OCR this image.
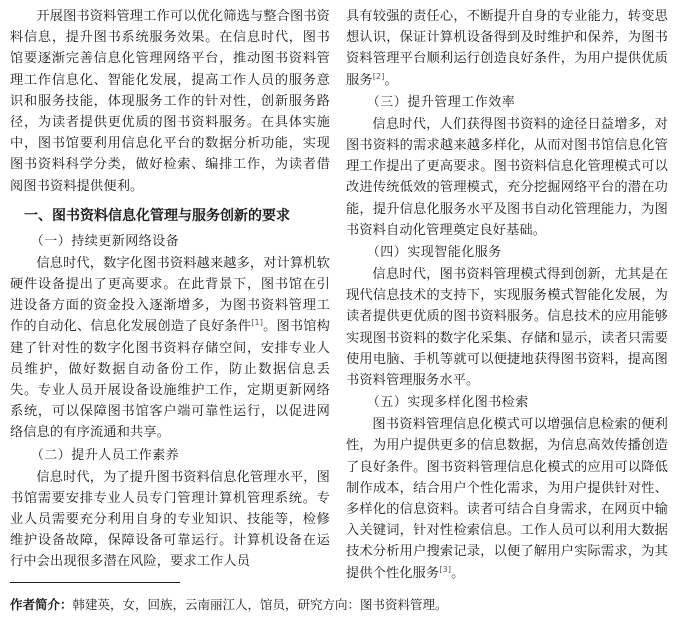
开展图书资料管理工作可以优化筛选与整合图书资料信息，提升图书系统服务效果。在信息时代，图书馆要逐渐完善信息化管理网络平台，推动图书资料管理工作信息化、智能化发展，提高工作人员的服务意识和服务技能，体现服务工作的针对性，创新服务路径，为读者提供更优质的图书资料服务。在具体实施中，图书馆要利用信息化平台的数据分析功能，实现图书资料科学分类，做好检索、编排工作，为读者借阅图书资料提供便利。

一、图书资料信息化管理与服务创新的要求
（一）持续更新网络设备

信息时代，数字化图书资料越来越多，对计算机软硬件设备提出了更高要求。在此背景下，图书馆在引进设备方面的资金投入逐渐增多，为图书资料管理工作的自动化、信息化发展创造了良好条件[1]。图书馆构建了针对性的数字化图书资料存储空间，安排专业人员维护，做好数据自动备份工作，防止数据信息丢失。专业人员开展设备设施维护工作，定期更新网络系统，可以保障图书馆客户端可靠性运行，以促进网络信息的有序流通和共享。

（二）提升人员工作素养

信息时代，为了提升图书资料信息化管理水平，图书馆需要安排专业人员专门管理计算机管理系统。专业人员需要充分利用自身的专业知识、技能等，检修维护设备故障，保障设备可靠运行。计算机设备在运行中会出现很多潜在风险，要求工作人员

具有较强的责任心，不断提升自身的专业能力，转变思想认识，保证计算机设备得到及时维护和保养，为图书资料管理平台顺利运行创造良好条件，为用户提供优质服务[2]。

（三）提升管理工作效率

信息时代，人们获得图书资料的途径日益增多，对图书资料的需求越来越多样化，从而对图书馆信息化管理工作提出了更高要求。图书资料信息化管理模式可以改进传统低效的管理模式，充分挖掘网络平台的潜在功能，提升信息化服务水平及图书自动化管理能力，为图书资料自动化管理奠定良好基础。

（四）实现智能化服务

信息时代，图书资料管理模式得到创新，尤其是在现代信息技术的支持下，实现服务模式智能化发展，为读者提供更优质的图书资料服务。信息技术的应用能够实现图书资料的数字化采集、存储和显示，读者只需要使用电脑、手机等就可以便捷地获得图书资料，提高图书资料管理服务水平。

（五）实现多样化图书检索

图书资料管理信息化模式可以增强信息检索的便利性，为用户提供更多的信息数据，为信息高效传播创造了良好条件。图书资料管理信息化模式的应用可以降低制作成本，结合用户个性化需求，为用户提供针对性、多样化的信息资料。读者可结合自身需求，在网页中输入关键词，针对性检索信息。工作人员可以利用大数据技术分析用户搜索记录，以便了解用户实际需求，为其提供个性化服务[3]。

作者简介：韩建英，女，回族，云南丽江人，馆员，研究方向：图书资料管理。
